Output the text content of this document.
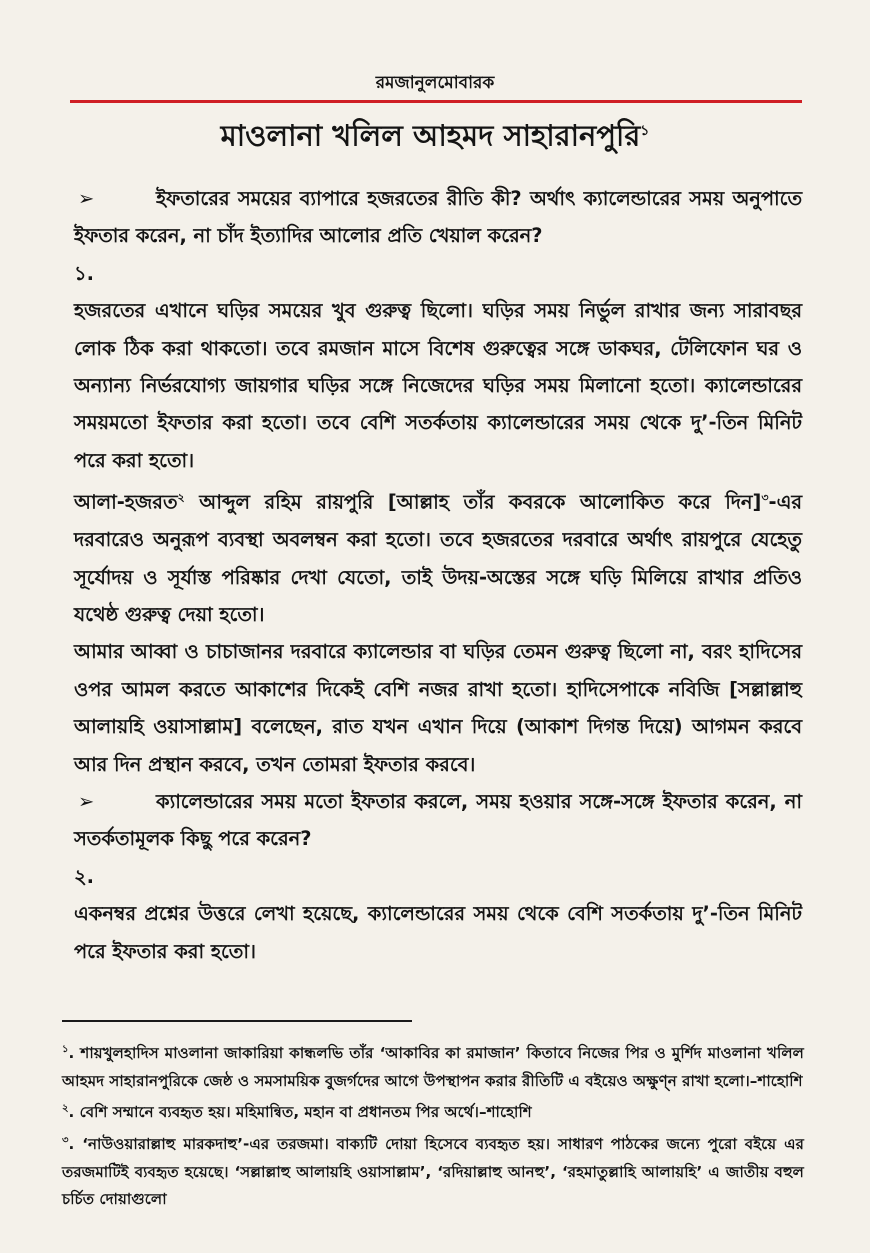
রমজানুলমোবারক
মাওলানা খলিল আহমদ সাহারানপুরি$^১$

➢	ইফতারের সময়ের ব্যাপারে হজরতের রীতি কী? অর্থাৎ ক্যালেন্ডারের সময় অনুপাতে ইফতার করেন, না চাঁদ ইত্যাদির আলোর প্রতি খেয়াল করেন?

১.

হজরতের এখানে ঘড়ির সময়ের খুব গুরুত্ব ছিলো। ঘড়ির সময় নির্ভুল রাখার জন্য সারাবছর লোক ঠিক করা থাকতো। তবে রমজান মাসে বিশেষ গুরুত্বের সঙ্গে ডাকঘর, টেলিফোন ঘর ও অন্যান্য নির্ভরযোগ্য জায়গার ঘড়ির সঙ্গে নিজেদের ঘড়ির সময় মিলানো হতো। ক্যালেন্ডারের সময়মতো ইফতার করা হতো। তবে বেশি সতর্কতায় ক্যালেন্ডারের সময় থেকে দু’-তিন মিনিট পরে করা হতো।

আলা-হজরত$^২$ আব্দুল রহিম রায়পুরি [আল্লাহ তাঁর কবরকে আলোকিত করে দিন]$^৩$-এর দরবারেও অনুরূপ ব্যবস্থা অবলম্বন করা হতো। তবে হজরতের দরবারে অর্থাৎ রায়পুরে যেহেতু সূর্যোদয় ও সূর্যাস্ত পরিষ্কার দেখা যেতো, তাই উদয়-অস্তের সঙ্গে ঘড়ি মিলিয়ে রাখার প্রতিও যথেষ্ঠ গুরুত্ব দেয়া হতো।

আমার আব্বা ও চাচাজানর দরবারে ক্যালেন্ডার বা ঘড়ির তেমন গুরুত্ব ছিলো না, বরং হাদিসের ওপর আমল করতে আকাশের দিকেই বেশি নজর রাখা হতো। হাদিসেপাকে নবিজি [সল্লাল্লাহু আলায়হি ওয়াসাল্লাম] বলেছেন, রাত যখন এখান দিয়ে (আকাশ দিগন্ত দিয়ে) আগমন করবে আর দিন প্রস্থান করবে, তখন তোমরা ইফতার করবে।

➢	ক্যালেন্ডারের সময় মতো ইফতার করলে, সময় হওয়ার সঙ্গে-সঙ্গে ইফতার করেন, না সতর্কতামূলক কিছু পরে করেন?

২.

একনম্বর প্রশ্নের উত্তরে লেখা হয়েছে, ক্যালেন্ডারের সময় থেকে বেশি সতর্কতায় দু’-তিন মিনিট পরে ইফতার করা হতো।

$^১$. শায়খুলহাদিস মাওলানা জাকারিয়া কান্ধলভি তাঁর ‘আকাবির কা রমাজান’ কিতাবে নিজের পির ও মুর্শিদ মাওলানা খলিল আহমদ সাহারানপুরিকে জেষ্ঠ ও সমসাময়িক বুজর্গদের আগে উপস্থাপন করার রীতিটি এ বইয়েও অক্ষুণ্ন রাখা হলো।–শাহোশি

$^২$. বেশি সম্মানে ব্যবহৃত হয়। মহিমান্বিত, মহান বা প্রধানতম পির অর্থে।–শাহোশি

$^৩$. ‘নাউওয়ারাল্লাহু মারকদাহু’-এর তরজমা। বাক্যটি দোয়া হিসেবে ব্যবহৃত হয়। সাধারণ পাঠকের জন্যে পুরো বইয়ে এর তরজমাটিই ব্যবহৃত হয়েছে। ‘সল্লাল্লাহু আলায়হি ওয়াসাল্লাম’, ‘রদিয়াল্লাহু আনহু’, ‘রহমাতুল্লাহি আলায়হি’ এ জাতীয় বহুল চর্চিত দোয়াগুলো
